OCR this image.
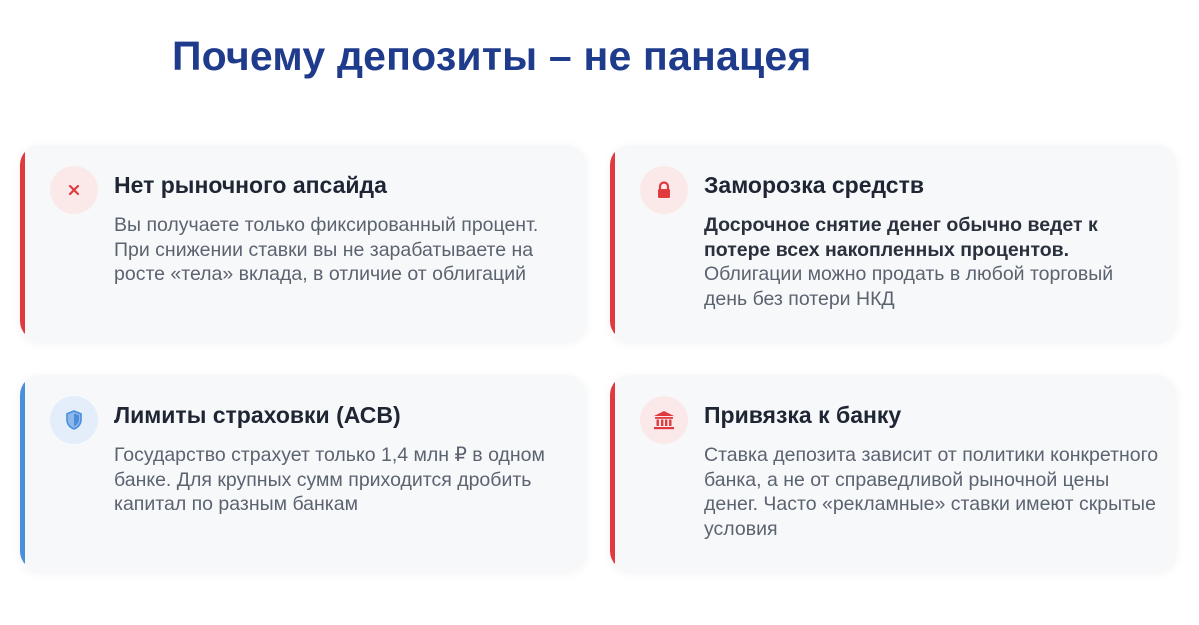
Почему депозиты – не панацея
Нет рыночного апсайда
Вы получаете только фиксированный процент. При снижении ставки вы не зарабатываете на росте «тела» вклада, в отличие от облигаций
Заморозка средств
Досрочное снятие денег обычно ведет к потере всех накопленных процентов. Облигации можно продать в любой торговый день без потери НКД
Лимиты страховки (АСВ)
Государство страхует только 1,4 млн ₽ в одном банке. Для крупных сумм приходится дробить капитал по разным банкам
Привязка к банку
Ставка депозита зависит от политики конкретного банка, а не от справедливой рыночной цены денег. Часто «рекламные» ставки имеют скрытые условия
